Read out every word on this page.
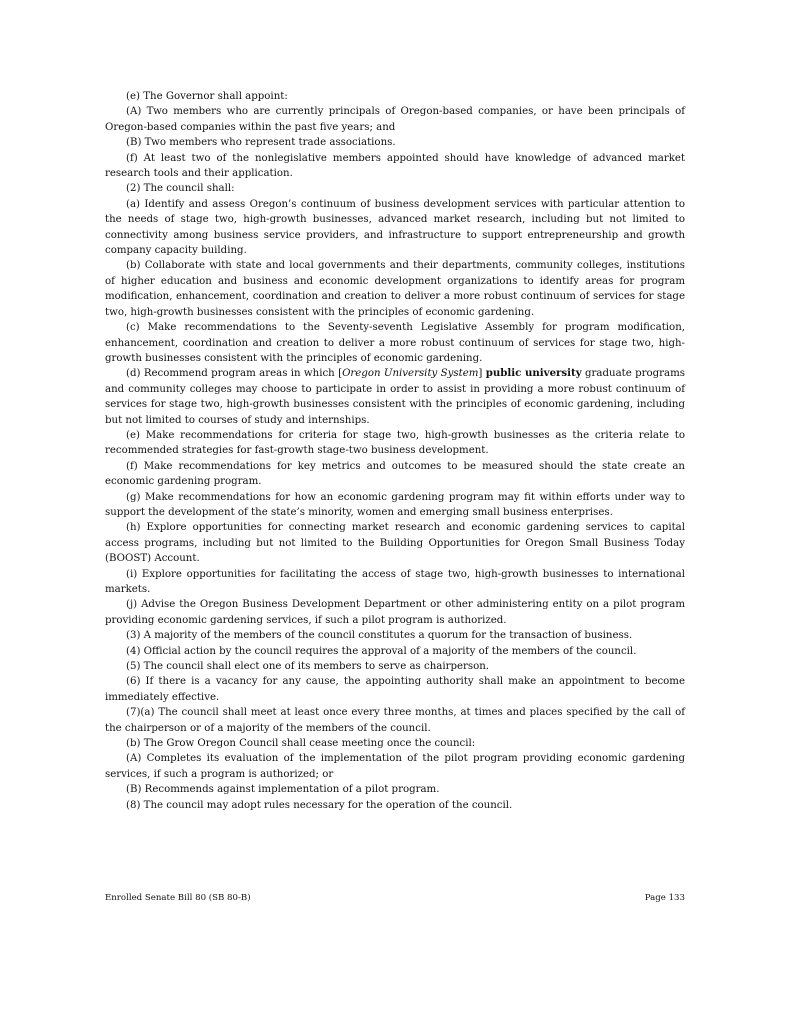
(e) The Governor shall appoint:

(A) Two members who are currently principals of Oregon-based companies, or have been principals of Oregon-based companies within the past five years; and

(B) Two members who represent trade associations.

(f) At least two of the nonlegislative members appointed should have knowledge of advanced market research tools and their application.

(2) The council shall:

(a) Identify and assess Oregon’s continuum of business development services with particular attention to the needs of stage two, high-growth businesses, advanced market research, including but not limited to connectivity among business service providers, and infrastructure to support entrepreneurship and growth company capacity building.

(b) Collaborate with state and local governments and their departments, community colleges, institutions of higher education and business and economic development organizations to identify areas for program modification, enhancement, coordination and creation to deliver a more robust continuum of services for stage two, high-growth businesses consistent with the principles of economic gardening.

(c) Make recommendations to the Seventy-seventh Legislative Assembly for program modification, enhancement, coordination and creation to deliver a more robust continuum of services for stage two, high-growth businesses consistent with the principles of economic gardening.

(d) Recommend program areas in which [Oregon University System] public university graduate programs and community colleges may choose to participate in order to assist in providing a more robust continuum of services for stage two, high-growth businesses consistent with the principles of economic gardening, including but not limited to courses of study and internships.

(e) Make recommendations for criteria for stage two, high-growth businesses as the criteria relate to recommended strategies for fast-growth stage-two business development.

(f) Make recommendations for key metrics and outcomes to be measured should the state create an economic gardening program.

(g) Make recommendations for how an economic gardening program may fit within efforts under way to support the development of the state’s minority, women and emerging small business enterprises.

(h) Explore opportunities for connecting market research and economic gardening services to capital access programs, including but not limited to the Building Opportunities for Oregon Small Business Today (BOOST) Account.

(i) Explore opportunities for facilitating the access of stage two, high-growth businesses to international markets.

(j) Advise the Oregon Business Development Department or other administering entity on a pilot program providing economic gardening services, if such a pilot program is authorized.

(3) A majority of the members of the council constitutes a quorum for the transaction of business.

(4) Official action by the council requires the approval of a majority of the members of the council.

(5) The council shall elect one of its members to serve as chairperson.

(6) If there is a vacancy for any cause, the appointing authority shall make an appointment to become immediately effective.

(7)(a) The council shall meet at least once every three months, at times and places specified by the call of the chairperson or of a majority of the members of the council.

(b) The Grow Oregon Council shall cease meeting once the council:

(A) Completes its evaluation of the implementation of the pilot program providing economic gardening services, if such a program is authorized; or

(B) Recommends against implementation of a pilot program.

(8) The council may adopt rules necessary for the operation of the council.

Enrolled Senate Bill 80 (SB 80-B)	Page 133
